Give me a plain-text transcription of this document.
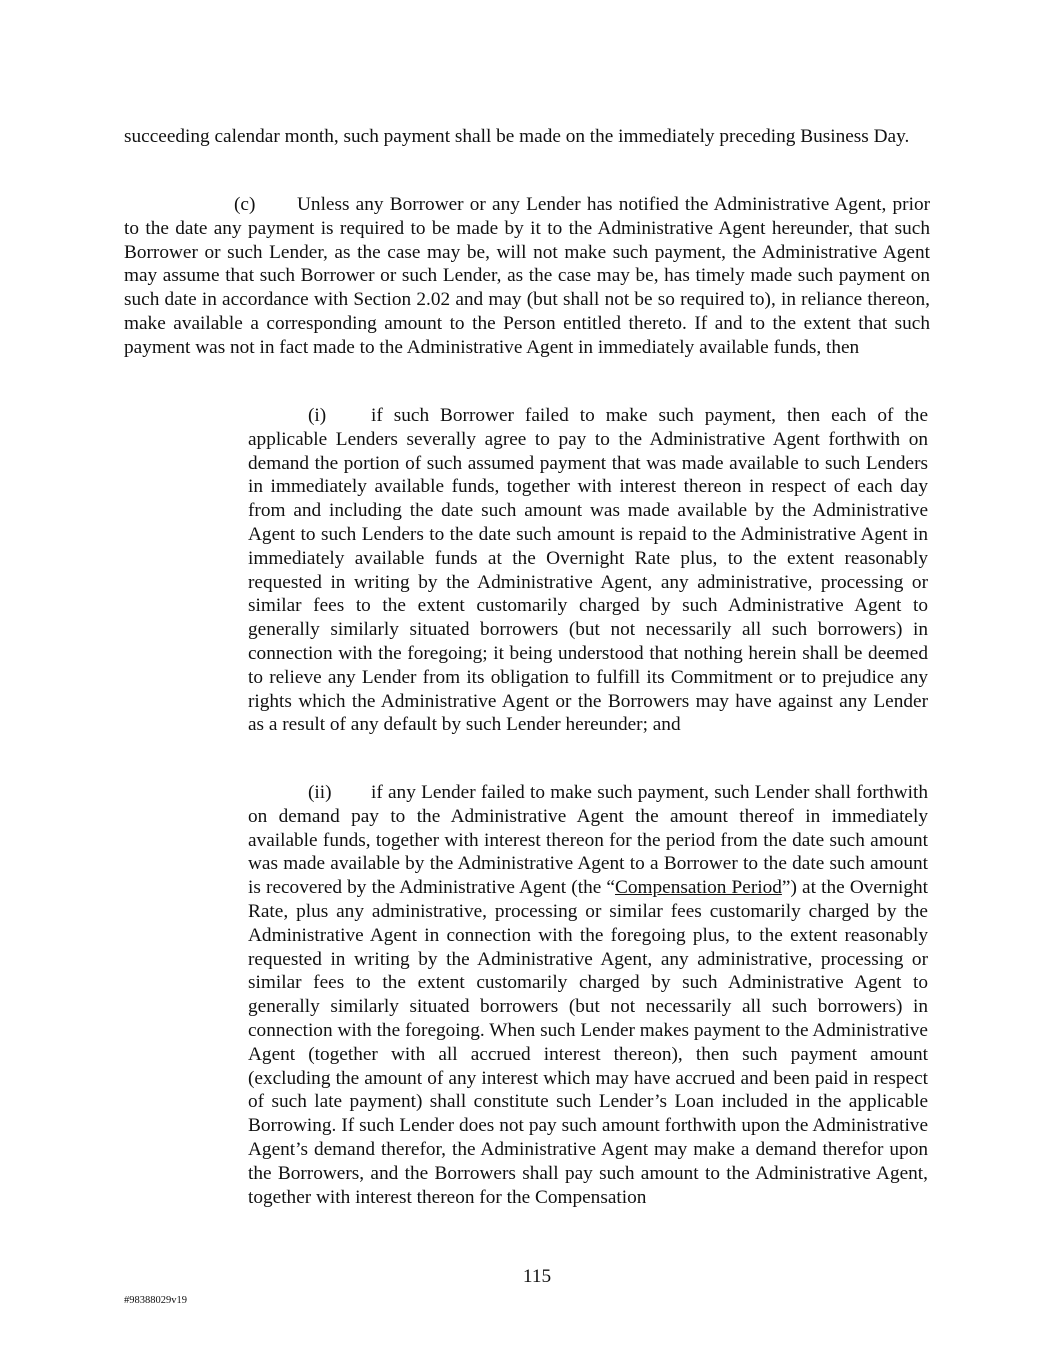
succeeding calendar month, such payment shall be made on the immediately preceding Business Day.

(c) Unless any Borrower or any Lender has notified the Administrative Agent, prior to the date any payment is required to be made by it to the Administrative Agent hereunder, that such Borrower or such Lender, as the case may be, will not make such payment, the Administrative Agent may assume that such Borrower or such Lender, as the case may be, has timely made such payment on such date in accordance with Section 2.02 and may (but shall not be so required to), in reliance thereon, make available a corresponding amount to the Person entitled thereto. If and to the extent that such payment was not in fact made to the Administrative Agent in immediately available funds, then

(i) if such Borrower failed to make such payment, then each of the applicable Lenders severally agree to pay to the Administrative Agent forthwith on demand the portion of such assumed payment that was made available to such Lenders in immediately available funds, together with interest thereon in respect of each day from and including the date such amount was made available by the Administrative Agent to such Lenders to the date such amount is repaid to the Administrative Agent in immediately available funds at the Overnight Rate plus, to the extent reasonably requested in writing by the Administrative Agent, any administrative, processing or similar fees to the extent customarily charged by such Administrative Agent to generally similarly situated borrowers (but not necessarily all such borrowers) in connection with the foregoing; it being understood that nothing herein shall be deemed to relieve any Lender from its obligation to fulfill its Commitment or to prejudice any rights which the Administrative Agent or the Borrowers may have against any Lender as a result of any default by such Lender hereunder; and

(ii) if any Lender failed to make such payment, such Lender shall forthwith on demand pay to the Administrative Agent the amount thereof in immediately available funds, together with interest thereon for the period from the date such amount was made available by the Administrative Agent to a Borrower to the date such amount is recovered by the Administrative Agent (the “Compensation Period”) at the Overnight Rate, plus any administrative, processing or similar fees customarily charged by the Administrative Agent in connection with the foregoing plus, to the extent reasonably requested in writing by the Administrative Agent, any administrative, processing or similar fees to the extent customarily charged by such Administrative Agent to generally similarly situated borrowers (but not necessarily all such borrowers) in connection with the foregoing. When such Lender makes payment to the Administrative Agent (together with all accrued interest thereon), then such payment amount (excluding the amount of any interest which may have accrued and been paid in respect of such late payment) shall constitute such Lender’s Loan included in the applicable Borrowing. If such Lender does not pay such amount forthwith upon the Administrative Agent’s demand therefor, the Administrative Agent may make a demand therefor upon the Borrowers, and the Borrowers shall pay such amount to the Administrative Agent, together with interest thereon for the Compensation

115
#98388029v19
